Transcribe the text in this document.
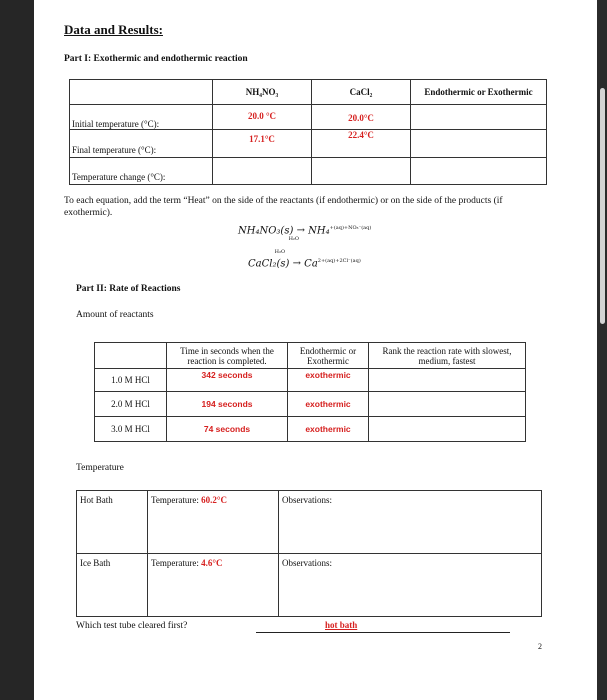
Data and Results:
Part I: Exothermic and endothermic reaction
	NH₄NO₃	CaCl₂	Endothermic or Exothermic
Initial temperature (°C):	20.0 °C	20.0°C	
Final temperature (°C):	17.1°C	22.4°C	
Temperature change (°C):			
To each equation, add the term “Heat” on the side of the reactants (if endothermic) or on the side of the products (if exothermic).
NH₄NO₃(s) →
H₂O
NH₄$^{+(aq)+NO_3^-(aq)}$
CaCl₂(s) →
H₂O
$Ca^{2+(aq)+2Cl^-(aq)}$
Part II: Rate of Reactions
Amount of reactants
	Time in seconds when the reaction is completed.	Endothermic or Exothermic	Rank the reaction rate with slowest, medium, fastest
1.0 M HCl	342 seconds	exothermic	
2.0 M HCl	194 seconds	exothermic	
3.0 M HCl	74 seconds	exothermic	
Temperature
Hot Bath	Temperature: 60.2°C	Observations:
Ice Bath	Temperature: 4.6°C	Observations:
Which test tube cleared first?	hot bath
2
